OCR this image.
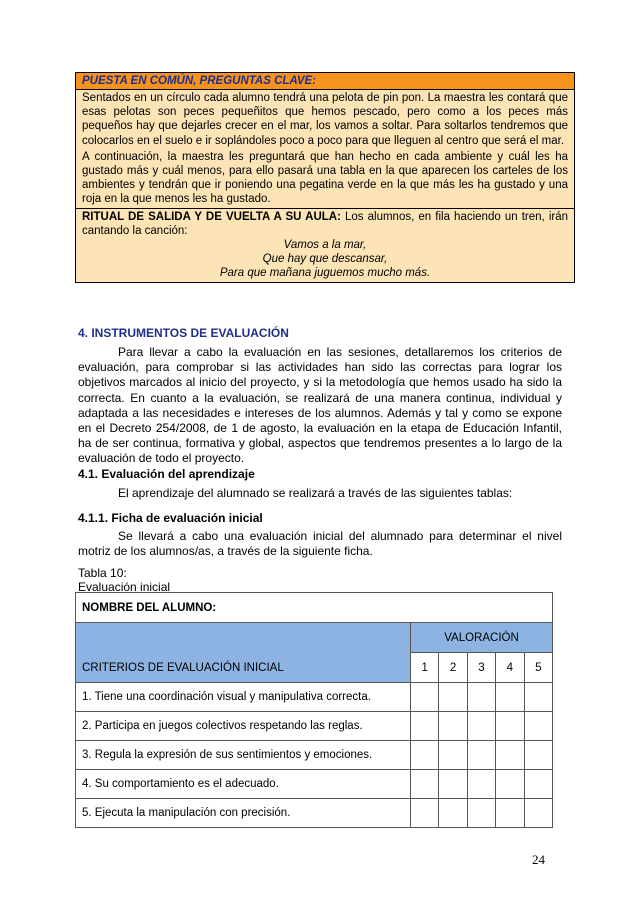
PUESTA EN COMÚN, PREGUNTAS CLAVE:
Sentados en un círculo cada alumno tendrá una pelota de pin pon. La maestra les contará que esas pelotas son peces pequeñitos que hemos pescado, pero como a los peces más pequeños hay que dejarles crecer en el mar, los vamos a soltar. Para soltarlos tendremos que colocarlos en el suelo e ir soplándoles poco a poco para que lleguen al centro que será el mar.
A continuación, la maestra les preguntará que han hecho en cada ambiente y cuál les ha gustado más y cuál menos, para ello pasará una tabla en la que aparecen los carteles de los ambientes y tendrán que ir poniendo una pegatina verde en la que más les ha gustado y una roja en la que menos les ha gustado.
RITUAL DE SALIDA Y DE VUELTA A SU AULA: Los alumnos, en fila haciendo un tren, irán cantando la canción:
Vamos a la mar,
Que hay que descansar,
Para que mañana juguemos mucho más.
4. INSTRUMENTOS DE EVALUACIÓN
Para llevar a cabo la evaluación en las sesiones, detallaremos los criterios de evaluación, para comprobar si las actividades han sido las correctas para lograr los objetivos marcados al inicio del proyecto, y si la metodología que hemos usado ha sido la correcta. En cuanto a la evaluación, se realizará de una manera continua, individual y adaptada a las necesidades e intereses de los alumnos. Además y tal y como se expone en el Decreto 254/2008, de 1 de agosto, la evaluación en la etapa de Educación Infantil, ha de ser continua, formativa y global, aspectos que tendremos presentes a lo largo de la evaluación de todo el proyecto.
4.1. Evaluación del aprendizaje
El aprendizaje del alumnado se realizará a través de las siguientes tablas:
4.1.1. Ficha de evaluación inicial
Se llevará a cabo una evaluación inicial del alumnado para determinar el nivel motriz de los alumnos/as, a través de la siguiente ficha.
Tabla 10:
Evaluación inicial
NOMBRE DEL ALUMNO:					
CRITERIOS DE EVALUACIÓN INICIAL	VALORACIÓN				
	1	2	3	4	5
1. Tiene una coordinación visual y manipulativa correcta.					
2. Participa en juegos colectivos respetando las reglas.					
3. Regula la expresión de sus sentimientos y emociones.					
4. Su comportamiento es el adecuado.					
5. Ejecuta la manipulación con precisión.					
24
